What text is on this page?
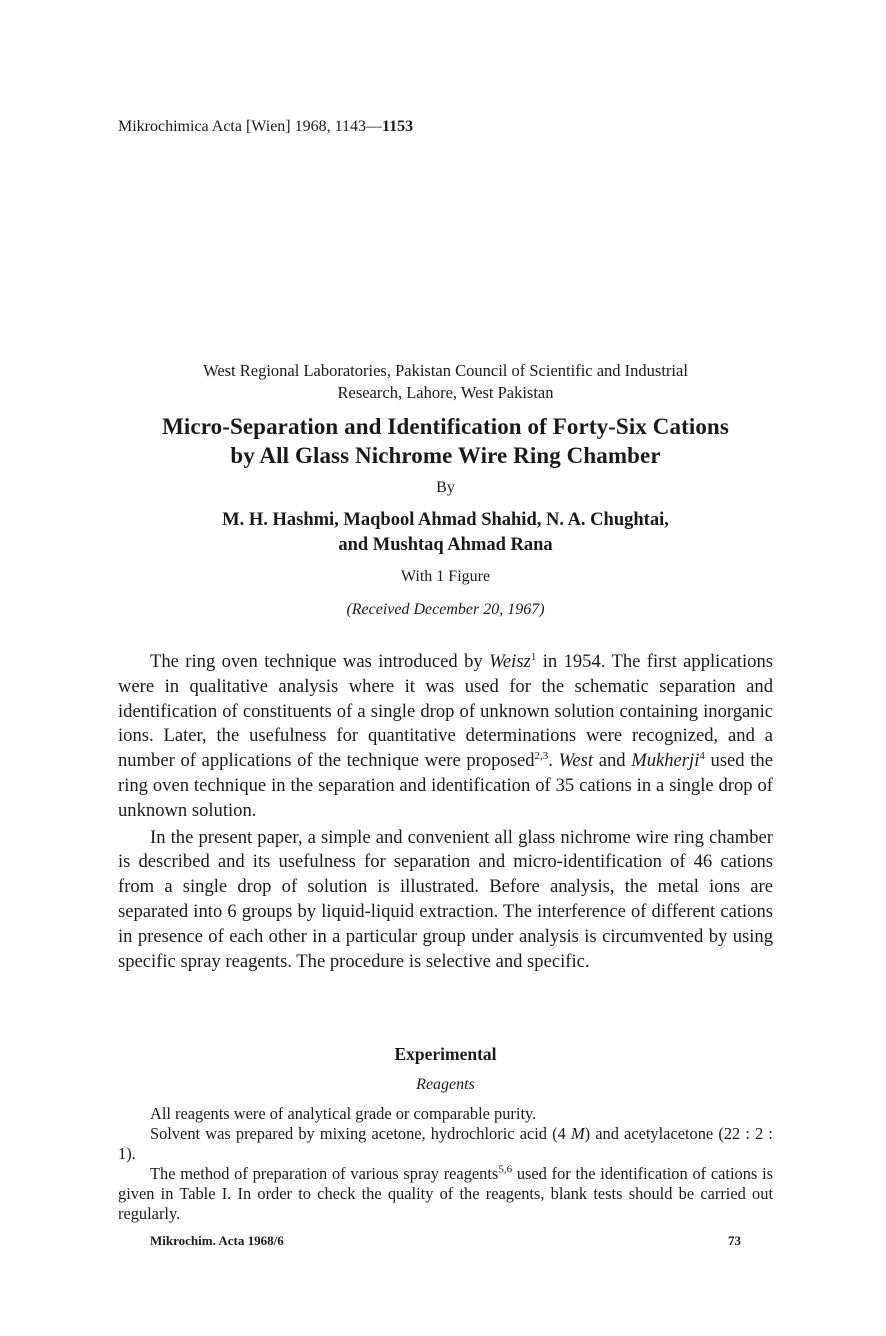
Mikrochimica Acta [Wien] 1968, 1143—1153
West Regional Laboratories, Pakistan Council of Scientific and Industrial
Research, Lahore, West Pakistan
Micro-Separation and Identification of Forty-Six Cations
by All Glass Nichrome Wire Ring Chamber
By
M. H. Hashmi, Maqbool Ahmad Shahid, N. A. Chughtai,
and Mushtaq Ahmad Rana
With 1 Figure
(Received December 20, 1967)

The ring oven technique was introduced by Weisz$^1$ in 1954. The first applications were in qualitative analysis where it was used for the schematic separation and identification of constituents of a single drop of unknown solution containing inorganic ions. Later, the usefulness for quantitative determinations were recognized, and a number of applications of the technique were proposed$^{2,3}$. West and Mukherji$^4$ used the ring oven technique in the separation and identification of 35 cations in a single drop of unknown solution.

In the present paper, a simple and convenient all glass nichrome wire ring chamber is described and its usefulness for separation and micro-identification of 46 cations from a single drop of solution is illustrated. Before analysis, the metal ions are separated into 6 groups by liquid-liquid extraction. The interference of different cations in presence of each other in a particular group under analysis is circumvented by using specific spray reagents. The procedure is selective and specific.

Experimental
Reagents

All reagents were of analytical grade or comparable purity.

Solvent was prepared by mixing acetone, hydrochloric acid (4 M) and acetylacetone (22 : 2 : 1).

The method of preparation of various spray reagents$^{5,6}$ used for the identification of cations is given in Table I. In order to check the quality of the reagents, blank tests should be carried out regularly.

Mikrochim. Acta 1968/6	73
